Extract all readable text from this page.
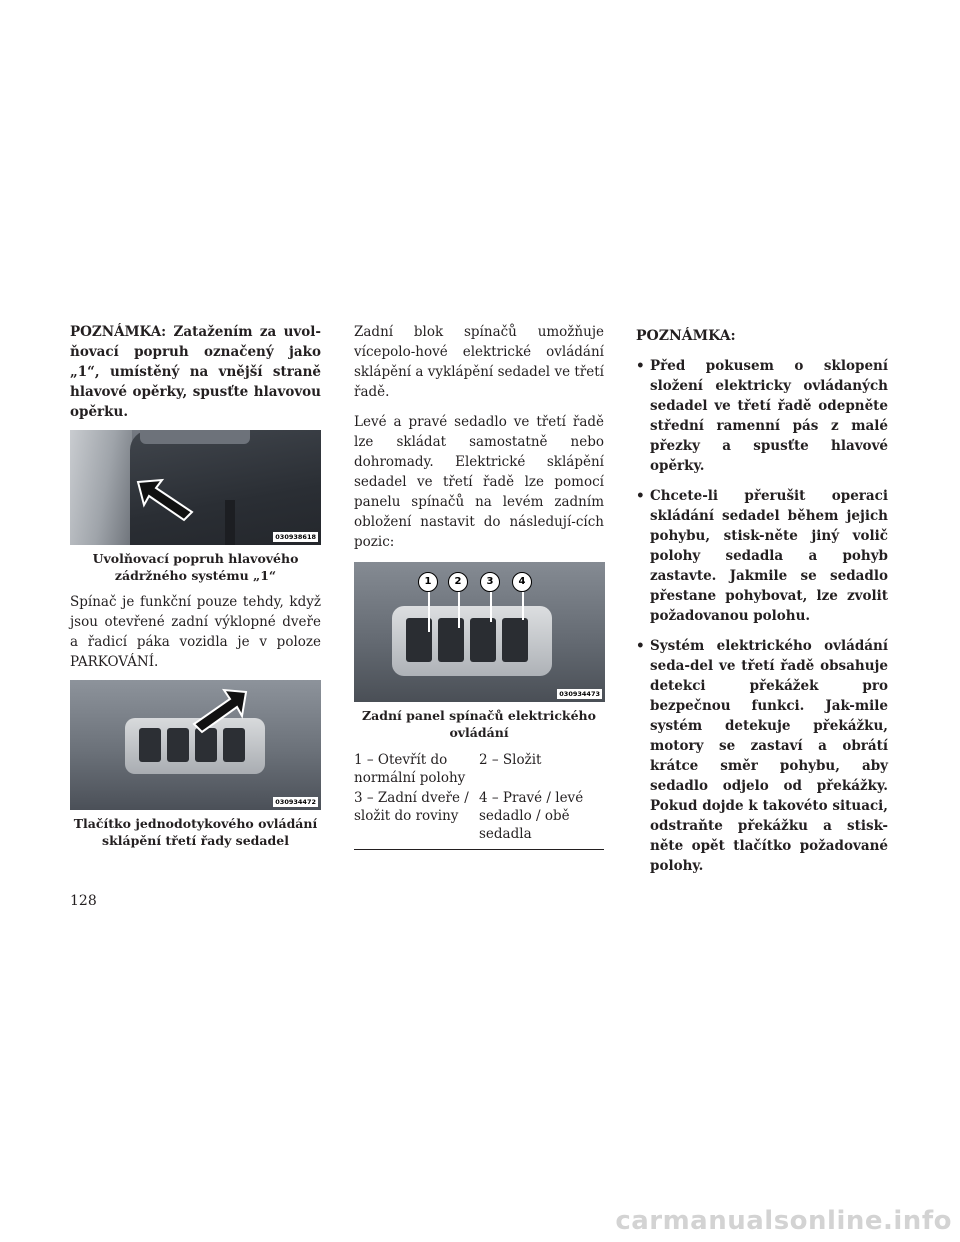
POZNÁMKA: Zatažením za uvol-ňovací popruh označený jako „1“, umístěný na vnější straně hlavové opěrky, spusťte hlavovou opěrku.

030938618
Uvolňovací popruh hlavového zádržného systému „1“

Spínač je funkční pouze tehdy, když jsou otevřené zadní výklopné dveře a řadicí páka vozidla je v poloze PARKOVÁNÍ.

030934472
Tlačítko jednodotykového ovládání sklápění třetí řady sedadel

Zadní blok spínačů umožňuje vícepolo-hové elektrické ovládání sklápění a vyklápění sedadel ve třetí řadě.

Levé a pravé sedadlo ve třetí řadě lze skládat samostatně nebo dohromady. Elektrické sklápění sedadel ve třetí řadě lze pomocí panelu spínačů na levém zadním obložení nastavit do následují-cích pozic:

1	2	3	4
030934473
Zadní panel spínačů elektrického ovládání
1 – Otevřít do normální polohy
2 – Složit
3 – Zadní dveře / složit do roviny
4 – Pravé / levé sedadlo / obě sedadla
POZNÁMKA:
• Před pokusem o sklopení složení elektricky ovládaných sedadel ve třetí řadě odepněte střední ramenní pás z malé přezky a spusťte hlavové opěrky.
• Chcete-li přerušit operaci skládání sedadel během jejich pohybu, stisk-něte jiný volič polohy sedadla a pohyb zastavte. Jakmile se sedadlo přestane pohybovat, lze zvolit požadovanou polohu.
• Systém elektrického ovládání seda-del ve třetí řadě obsahuje detekci překážek pro bezpečnou funkci. Jak-mile systém detekuje překážku, motory se zastaví a obrátí krátce směr pohybu, aby sedadlo odjelo od překážky. Pokud dojde k takovéto situaci, odstraňte překážku a stisk-něte opět tlačítko požadované polohy.
128
carmanualsonline.info
